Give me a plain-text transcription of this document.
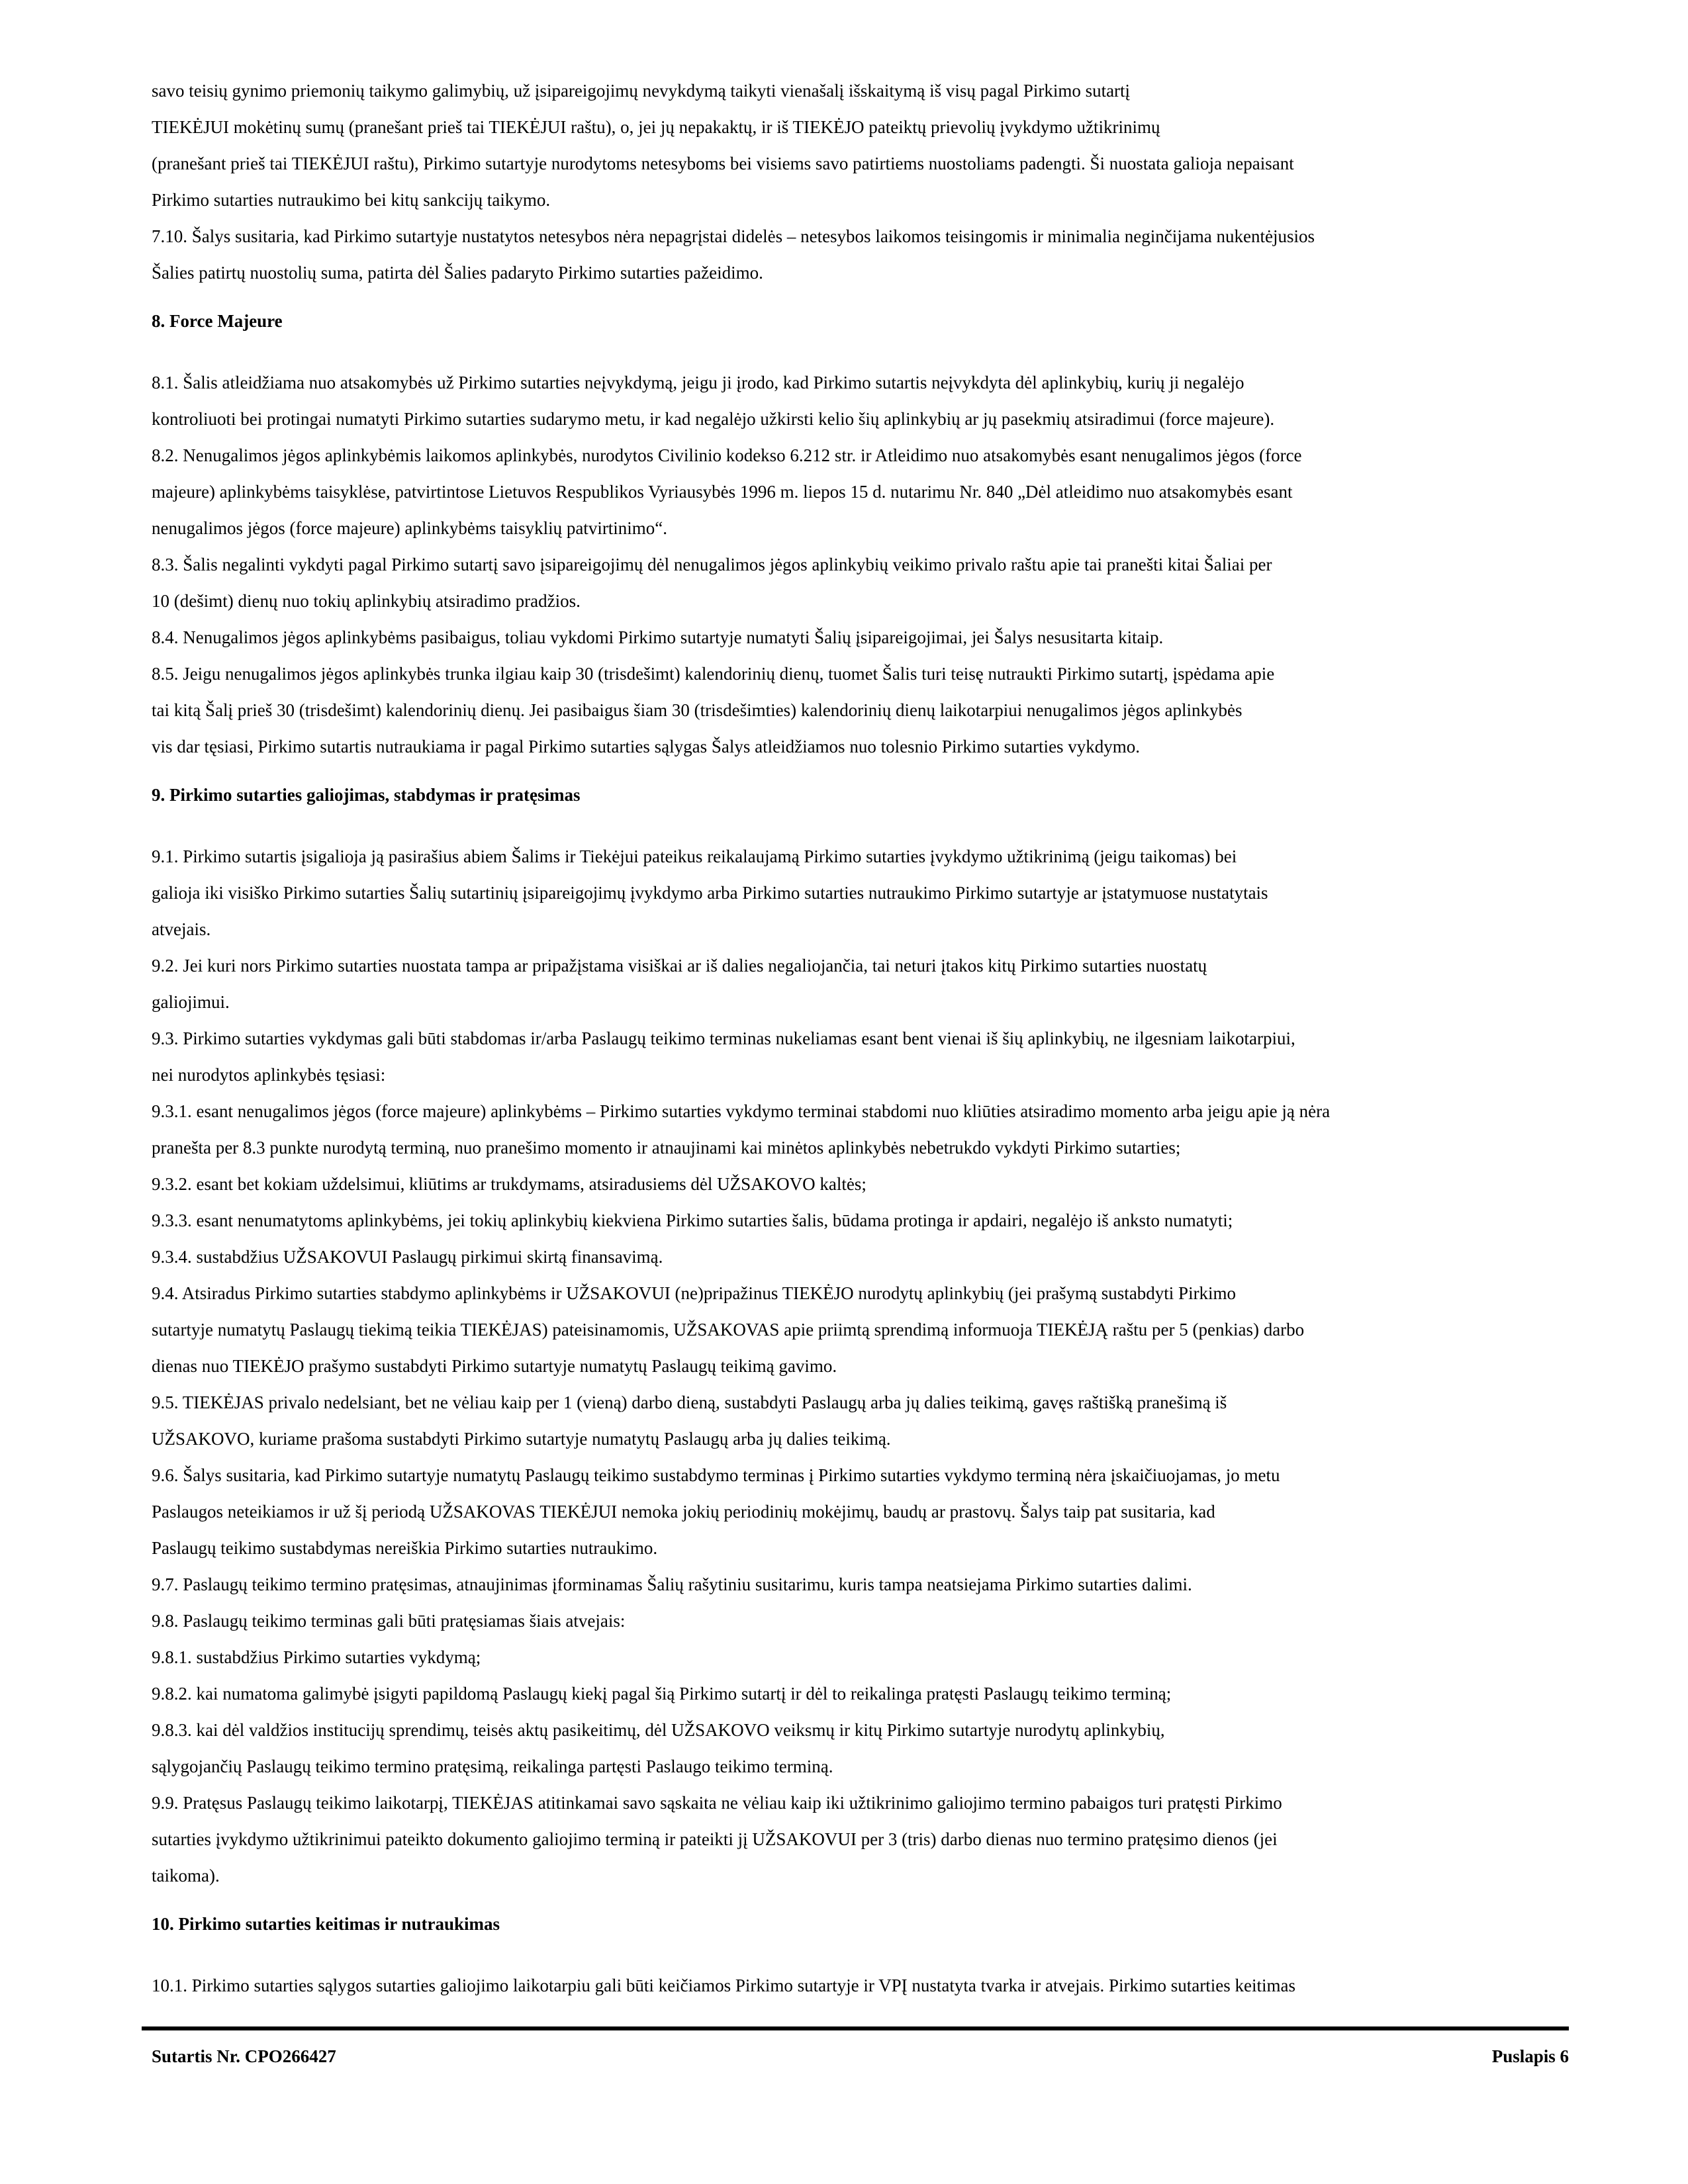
savo teisių gynimo priemonių taikymo galimybių, už įsipareigojimų nevykdymą taikyti vienašalį išskaitymą iš visų pagal Pirkimo sutartį
TIEKĖJUI mokėtinų sumų (pranešant prieš tai TIEKĖJUI raštu), o, jei jų nepakaktų, ir iš TIEKĖJO pateiktų prievolių įvykdymo užtikrinimų
(pranešant prieš tai TIEKĖJUI raštu), Pirkimo sutartyje nurodytoms netesyboms bei visiems savo patirtiems nuostoliams padengti. Ši nuostata galioja nepaisant
Pirkimo sutarties nutraukimo bei kitų sankcijų taikymo.
7.10. Šalys susitaria, kad Pirkimo sutartyje nustatytos netesybos nėra nepagrįstai didelės – netesybos laikomos teisingomis ir minimalia neginčijama nukentėjusios
Šalies patirtų nuostolių suma, patirta dėl Šalies padaryto Pirkimo sutarties pažeidimo.
8. Force Majeure
8.1. Šalis atleidžiama nuo atsakomybės už Pirkimo sutarties neįvykdymą, jeigu ji įrodo, kad Pirkimo sutartis neįvykdyta dėl aplinkybių, kurių ji negalėjo
kontroliuoti bei protingai numatyti Pirkimo sutarties sudarymo metu, ir kad negalėjo užkirsti kelio šių aplinkybių ar jų pasekmių atsiradimui (force majeure).
8.2. Nenugalimos jėgos aplinkybėmis laikomos aplinkybės, nurodytos Civilinio kodekso 6.212 str. ir Atleidimo nuo atsakomybės esant nenugalimos jėgos (force
majeure) aplinkybėms taisyklėse, patvirtintose Lietuvos Respublikos Vyriausybės 1996 m. liepos 15 d. nutarimu Nr. 840 „Dėl atleidimo nuo atsakomybės esant
nenugalimos jėgos (force majeure) aplinkybėms taisyklių patvirtinimo“.
8.3. Šalis negalinti vykdyti pagal Pirkimo sutartį savo įsipareigojimų dėl nenugalimos jėgos aplinkybių veikimo privalo raštu apie tai pranešti kitai Šaliai per
10 (dešimt) dienų nuo tokių aplinkybių atsiradimo pradžios.
8.4. Nenugalimos jėgos aplinkybėms pasibaigus, toliau vykdomi Pirkimo sutartyje numatyti Šalių įsipareigojimai, jei Šalys nesusitarta kitaip.
8.5. Jeigu nenugalimos jėgos aplinkybės trunka ilgiau kaip 30 (trisdešimt) kalendorinių dienų, tuomet Šalis turi teisę nutraukti Pirkimo sutartį, įspėdama apie
tai kitą Šalį prieš 30 (trisdešimt) kalendorinių dienų. Jei pasibaigus šiam 30 (trisdešimties) kalendorinių dienų laikotarpiui nenugalimos jėgos aplinkybės
vis dar tęsiasi, Pirkimo sutartis nutraukiama ir pagal Pirkimo sutarties sąlygas Šalys atleidžiamos nuo tolesnio Pirkimo sutarties vykdymo.
9. Pirkimo sutarties galiojimas, stabdymas ir pratęsimas
9.1. Pirkimo sutartis įsigalioja ją pasirašius abiem Šalims ir Tiekėjui pateikus reikalaujamą Pirkimo sutarties įvykdymo užtikrinimą (jeigu taikomas) bei
galioja iki visiško Pirkimo sutarties Šalių sutartinių įsipareigojimų įvykdymo arba Pirkimo sutarties nutraukimo Pirkimo sutartyje ar įstatymuose nustatytais
atvejais.
9.2. Jei kuri nors Pirkimo sutarties nuostata tampa ar pripažįstama visiškai ar iš dalies negaliojančia, tai neturi įtakos kitų Pirkimo sutarties nuostatų
galiojimui.
9.3. Pirkimo sutarties vykdymas gali būti stabdomas ir/arba Paslaugų teikimo terminas nukeliamas esant bent vienai iš šių aplinkybių, ne ilgesniam laikotarpiui,
nei nurodytos aplinkybės tęsiasi:
9.3.1. esant nenugalimos jėgos (force majeure) aplinkybėms – Pirkimo sutarties vykdymo terminai stabdomi nuo kliūties atsiradimo momento arba jeigu apie ją nėra
pranešta per 8.3 punkte nurodytą terminą, nuo pranešimo momento ir atnaujinami kai minėtos aplinkybės nebetrukdo vykdyti Pirkimo sutarties;
9.3.2. esant bet kokiam uždelsimui, kliūtims ar trukdymams, atsiradusiems dėl UŽSAKOVO kaltės;
9.3.3. esant nenumatytoms aplinkybėms, jei tokių aplinkybių kiekviena Pirkimo sutarties šalis, būdama protinga ir apdairi, negalėjo iš anksto numatyti;
9.3.4. sustabdžius UŽSAKOVUI Paslaugų pirkimui skirtą finansavimą.
9.4. Atsiradus Pirkimo sutarties stabdymo aplinkybėms ir UŽSAKOVUI (ne)pripažinus TIEKĖJO nurodytų aplinkybių (jei prašymą sustabdyti Pirkimo
sutartyje numatytų Paslaugų tiekimą teikia TIEKĖJAS) pateisinamomis, UŽSAKOVAS apie priimtą sprendimą informuoja TIEKĖJĄ raštu per 5 (penkias) darbo
dienas nuo TIEKĖJO prašymo sustabdyti Pirkimo sutartyje numatytų Paslaugų teikimą gavimo.
9.5. TIEKĖJAS privalo nedelsiant, bet ne vėliau kaip per 1 (vieną) darbo dieną, sustabdyti Paslaugų arba jų dalies teikimą, gavęs raštišką pranešimą iš
UŽSAKOVO, kuriame prašoma sustabdyti Pirkimo sutartyje numatytų Paslaugų arba jų dalies teikimą.
9.6. Šalys susitaria, kad Pirkimo sutartyje numatytų Paslaugų teikimo sustabdymo terminas į Pirkimo sutarties vykdymo terminą nėra įskaičiuojamas, jo metu
Paslaugos neteikiamos ir už šį periodą UŽSAKOVAS TIEKĖJUI nemoka jokių periodinių mokėjimų, baudų ar prastovų. Šalys taip pat susitaria, kad
Paslaugų teikimo sustabdymas nereiškia Pirkimo sutarties nutraukimo.
9.7. Paslaugų teikimo termino pratęsimas, atnaujinimas įforminamas Šalių rašytiniu susitarimu, kuris tampa neatsiejama Pirkimo sutarties dalimi.
9.8. Paslaugų teikimo terminas gali būti pratęsiamas šiais atvejais:
9.8.1. sustabdžius Pirkimo sutarties vykdymą;
9.8.2. kai numatoma galimybė įsigyti papildomą Paslaugų kiekį pagal šią Pirkimo sutartį ir dėl to reikalinga pratęsti Paslaugų teikimo terminą;
9.8.3. kai dėl valdžios institucijų sprendimų, teisės aktų pasikeitimų, dėl UŽSAKOVO veiksmų ir kitų Pirkimo sutartyje nurodytų aplinkybių,
sąlygojančių Paslaugų teikimo termino pratęsimą, reikalinga partęsti Paslaugo teikimo terminą.
9.9. Pratęsus Paslaugų teikimo laikotarpį, TIEKĖJAS atitinkamai savo sąskaita ne vėliau kaip iki užtikrinimo galiojimo termino pabaigos turi pratęsti Pirkimo
sutarties įvykdymo užtikrinimui pateikto dokumento galiojimo terminą ir pateikti jį UŽSAKOVUI per 3 (tris) darbo dienas nuo termino pratęsimo dienos (jei
taikoma).
10. Pirkimo sutarties keitimas ir nutraukimas
10.1. Pirkimo sutarties sąlygos sutarties galiojimo laikotarpiu gali būti keičiamos Pirkimo sutartyje ir VPĮ nustatyta tvarka ir atvejais. Pirkimo sutarties keitimas
Sutartis Nr. CPO266427	Puslapis 6
